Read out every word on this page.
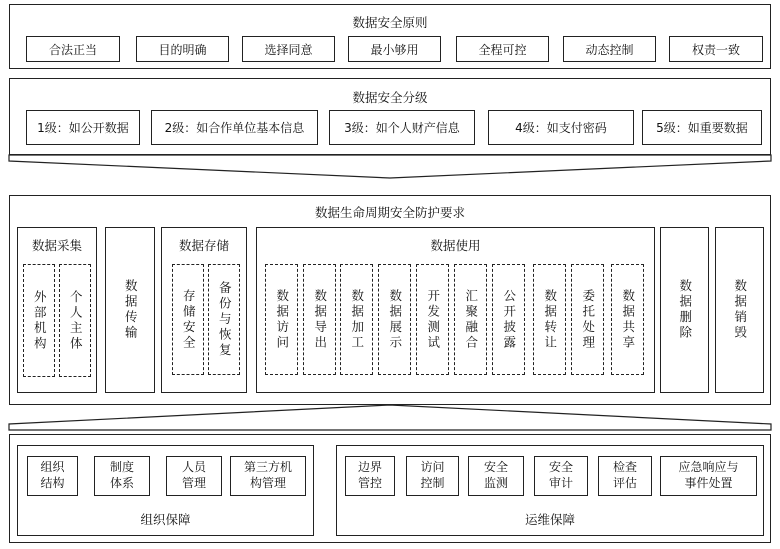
数据安全原则
合法正当	目的明确	选择同意	最小够用	全程可控	动态控制	权责一致
数据安全分级
1级：如公开数据	2级：如合作单位基本信息	3级：如个人财产信息	4级：如支付密码	5级：如重要数据
数据生命周期安全防护要求
数据采集
外部机构 个人主体	数据传输
数据存储
存储安全 备份与恢复
数据使用
数据访问 数据导出 数据加工 数据展示 开发测试 汇聚融合 公开披露 数据转让 委托处理 数据共享	数据删除	数据销毁
组织
结构
制度
体系
人员
管理
第三方机
构管理
组织保障
边界
管控
访问
控制
安全
监测
安全
审计
检查
评估
应急响应与
事件处置
运维保障
